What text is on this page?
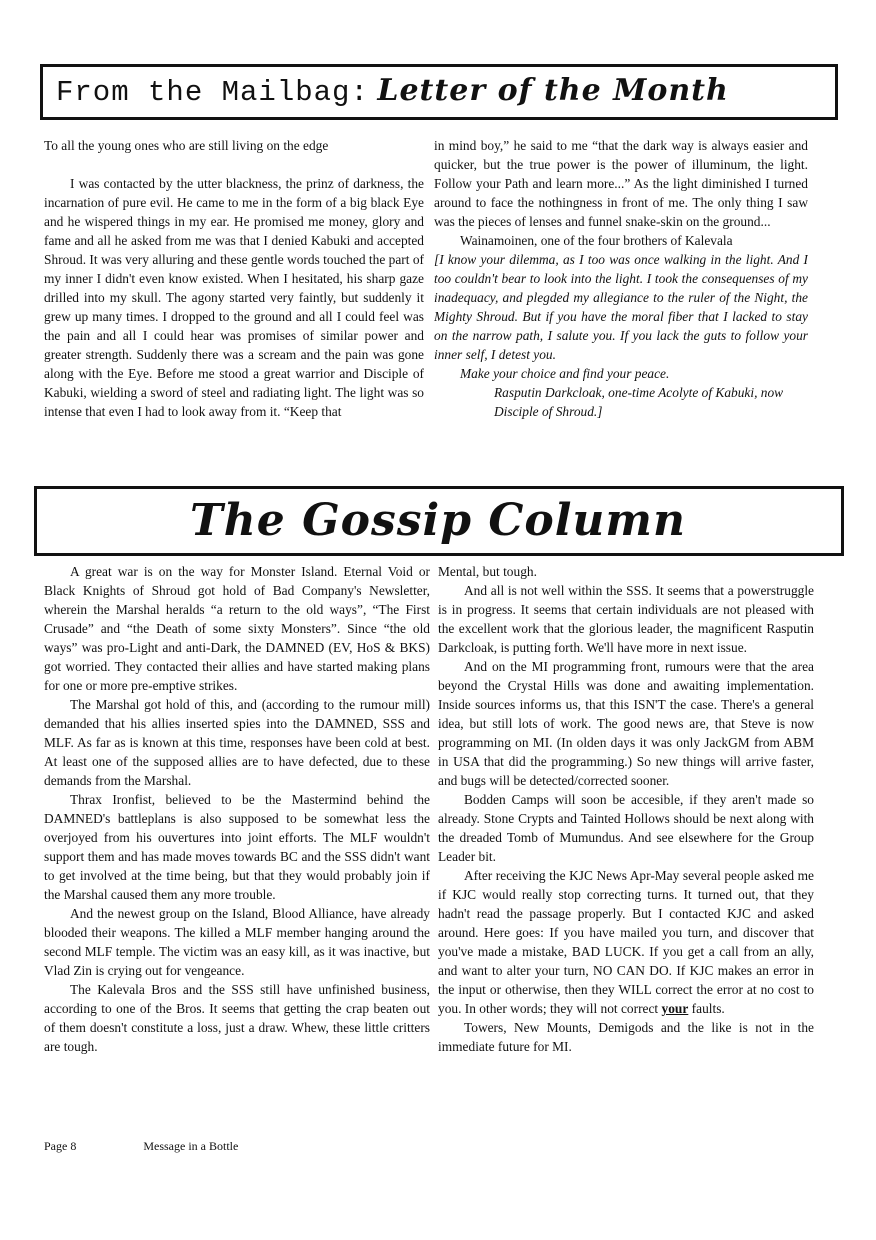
From the Mailbag: Letter of the Month

To all the young ones who are still living on the edge

I was contacted by the utter blackness, the prinz of darkness, the incarnation of pure evil. He came to me in the form of a big black Eye and he wispered things in my ear. He promised me money, glory and fame and all he asked from me was that I denied Kabuki and accepted Shroud. It was very alluring and these gentle words touched the part of my inner I didn't even know existed. When I hesitated, his sharp gaze drilled into my skull. The agony started very faintly, but suddenly it grew up many times. I dropped to the ground and all I could feel was the pain and all I could hear was promises of similar power and greater strength. Suddenly there was a scream and the pain was gone along with the Eye. Before me stood a great warrior and Disciple of Kabuki, wielding a sword of steel and radiating light. The light was so intense that even I had to look away from it. “Keep that

in mind boy,” he said to me “that the dark way is always easier and quicker, but the true power is the power of illuminum, the light. Follow your Path and learn more...” As the light diminished I turned around to face the nothingness in front of me. The only thing I saw was the pieces of lenses and funnel snake-skin on the ground...

Wainamoinen, one of the four brothers of Kalevala

[I know your dilemma, as I too was once walking in the light. And I too couldn't bear to look into the light. I took the consequenses of my inadequacy, and plegded my allegiance to the ruler of the Night, the Mighty Shroud. But if you have the moral fiber that I lacked to stay on the narrow path, I salute you. If you lack the guts to follow your inner self, I detest you.

Make your choice and find your peace.

Rasputin Darkcloak, one-time Acolyte of Kabuki, now Disciple of Shroud.]

The Gossip Column

A great war is on the way for Monster Island. Eternal Void or Black Knights of Shroud got hold of Bad Company's Newsletter, wherein the Marshal heralds “a return to the old ways”, “The First Crusade” and “the Death of some sixty Monsters”. Since “the old ways” was pro-Light and anti-Dark, the DAMNED (EV, HoS & BKS) got worried. They contacted their allies and have started making plans for one or more pre-emptive strikes.

The Marshal got hold of this, and (according to the rumour mill) demanded that his allies inserted spies into the DAMNED, SSS and MLF. As far as is known at this time, responses have been cold at best. At least one of the supposed allies are to have defected, due to these demands from the Marshal.

Thrax Ironfist, believed to be the Mastermind behind the DAMNED's battleplans is also supposed to be somewhat less the overjoyed from his ouvertures into joint efforts. The MLF wouldn't support them and has made moves towards BC and the SSS didn't want to get involved at the time being, but that they would probably join if the Marshal caused them any more trouble.

And the newest group on the Island, Blood Alliance, have already blooded their weapons. The killed a MLF member hanging around the second MLF temple. The victim was an easy kill, as it was inactive, but Vlad Zin is crying out for vengeance.

The Kalevala Bros and the SSS still have unfinished business, according to one of the Bros. It seems that getting the crap beaten out of them doesn't constitute a loss, just a draw. Whew, these little critters are tough.

Mental, but tough.

And all is not well within the SSS. It seems that a powerstruggle is in progress. It seems that certain individuals are not pleased with the excellent work that the glorious leader, the magnificent Rasputin Darkcloak, is putting forth. We'll have more in next issue.

And on the MI programming front, rumours were that the area beyond the Crystal Hills was done and awaiting implementation. Inside sources informs us, that this ISN'T the case. There's a general idea, but still lots of work. The good news are, that Steve is now programming on MI. (In olden days it was only JackGM from ABM in USA that did the programming.) So new things will arrive faster, and bugs will be detected/corrected sooner.

Bodden Camps will soon be accesible, if they aren't made so already. Stone Crypts and Tainted Hollows should be next along with the dreaded Tomb of Mumundus. And see elsewhere for the Group Leader bit.

After receiving the KJC News Apr-May several people asked me if KJC would really stop correcting turns. It turned out, that they hadn't read the passage properly. But I contacted KJC and asked around. Here goes: If you have mailed you turn, and discover that you've made a mistake, BAD LUCK. If you get a call from an ally, and want to alter your turn, NO CAN DO. If KJC makes an error in the input or otherwise, then they WILL correct the error at no cost to you. In other words; they will not correct your faults.

Towers, New Mounts, Demigods and the like is not in the immediate future for MI.

Page 8	Message in a Bottle
